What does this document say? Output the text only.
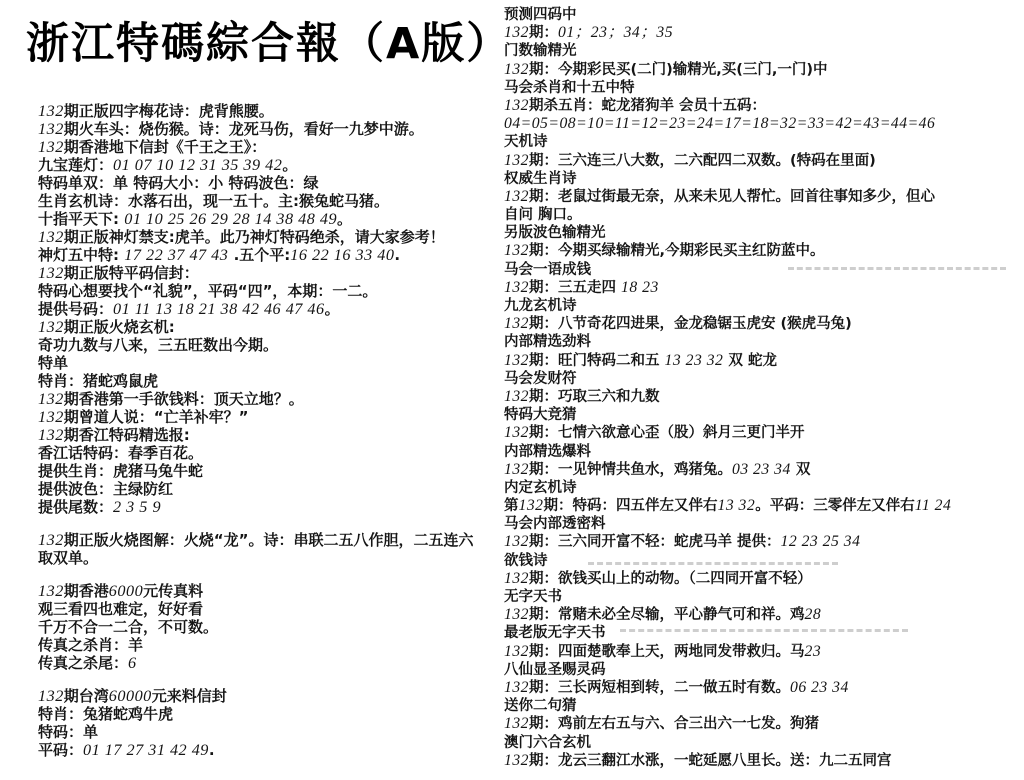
浙江特碼綜合報（A版）
132期正版四字梅花诗：虎背熊腰。
132期火车头：烧伤猴。诗：龙死马伤，看好一九梦中游。
132期香港地下信封《千王之王》：
九宝莲灯：01 07 10 12 31 35 39 42。
特码单双：单 特码大小：小 特码波色：绿
生肖玄机诗：水落石出，现一五十。主:猴兔蛇马猪。
十指平天下: 01 10 25 26 29 28 14 38 48 49。
132期正版神灯禁支:虎羊。此乃神灯特码绝杀，请大家参考！
神灯五中特: 17 22 37 47 43 .五个平:16 22 16 33 40.
132期正版特平码信封：
特码心想要找个“礼貌”，平码“四”，本期：一二。
提供号码：01 11 13 18 21 38 42 46 47 46。
132期正版火烧玄机:
奇功九数与八来，三五旺数出今期。
特单
特肖：猪蛇鸡鼠虎
132期香港第一手欲钱料：顶天立地？。
132期曾道人说：“亡羊补牢？”
132期香江特码精选报:
香江话特码：春季百花。
提供生肖：虎猪马兔牛蛇
提供波色：主绿防红
提供尾数：2 3 5 9
132期正版火烧图解：火烧“龙”。诗：串联二五八作胆，二五连六
取双单。
132期香港6000元传真料
观三看四也难定，好好看
千万不合一二合，不可数。
传真之杀肖：羊
传真之杀尾：6
132期台湾60000元来料信封
特肖：兔猪蛇鸡牛虎
特码：单
平码：01 17 27 31 42 49.
预测四码中
132期：01；23；34；35
门数输精光
132期：今期彩民买(二门)输精光,买(三门,一门)中
马会杀肖和十五中特
132期杀五肖：蛇龙猪狗羊 会员十五码：
04=05=08=10=11=12=23=24=17=18=32=33=42=43=44=46
天机诗
132期：三六连三八大数，二六配四二双数。(特码在里面)
权威生肖诗
132期：老鼠过街最无奈，从来未见人帮忙。回首往事知多少，但心
自问 胸口。
另版波色输精光
132期：今期买绿输精光,今期彩民买主红防蓝中。
马会一语成钱
132期：三五走四 18 23
九龙玄机诗
132期：八节奇花四进果，金龙稳锯玉虎安 (猴虎马兔)
内部精选劲料
132期：旺门特码二和五 13 23 32 双 蛇龙
马会发财符
132期：巧取三六和九数
特码大竞猜
132期：七情六欲意心歪（股）斜月三更门半开
内部精选爆料
132期：一见钟情共鱼水，鸡猪兔。03 23 34 双
内定玄机诗
第132期：特码：四五伴左又伴右13 32。平码：三零伴左又伴右11 24
马会内部透密料
132期：三六同开富不轻：蛇虎马羊 提供：12 23 25 34
欲钱诗
132期：欲钱买山上的动物。（二四同开富不轻）
无字天书
132期：常赌未必全尽输，平心静气可和祥。鸡28
最老版无字天书
132期：四面楚歌奉上天，两地同发带救归。马23
八仙显圣赐灵码
132期：三长两短相到转，二一做五时有数。06 23 34
送你二句猜
132期：鸡前左右五与六、合三出六一七发。狗猪
澳门六合玄机
132期：龙云三翻江水涨，一蛇延愿八里长。送：九二五同宫
